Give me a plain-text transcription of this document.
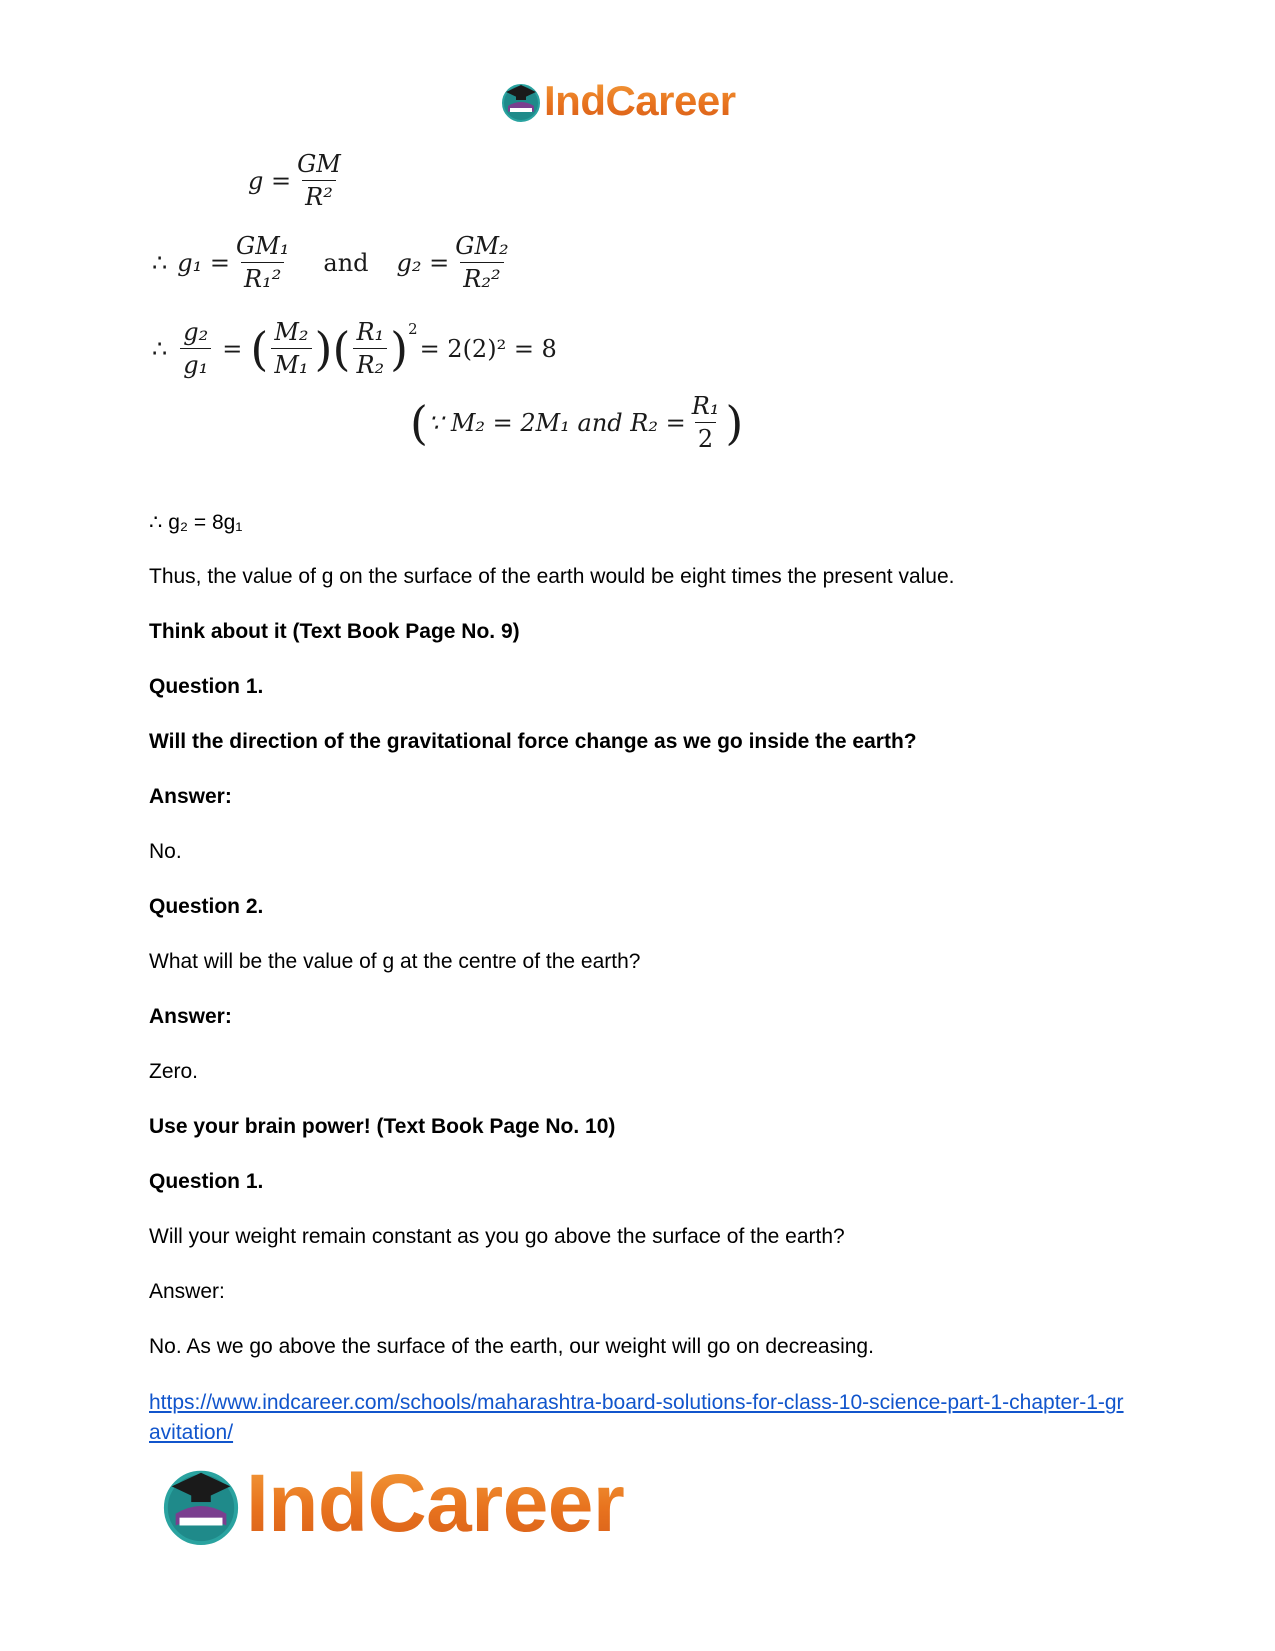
IndCareer
$g = \frac{GM}{\text{R²}}$
∴ $g_1 = \frac{\text{GM₁}}{\text{R₁²}}$ and $g_2 = \frac{\text{GM₂}}{\text{R₂²}}$
∴ $\frac{\text{g₂}}{\text{g₁}}$ = ( $\frac{\text{M₂}}{\text{M₁}}$ ) ( $\frac{\text{R₁}}{\text{R₂}} )^2$
= 2(2)² = 8
( ∵ M₂ = 2M₁ and $R_2 = \frac{\text{R₁}}{2}$ )
∴ g₂ = 8g₁
Thus, the value of g on the surface of the earth would be eight times the present value.
Think about it (Text Book Page No. 9)
Question 1.
Will the direction of the gravitational force change as we go inside the earth?
Answer:
No.
Question 2.
What will be the value of g at the centre of the earth?
Answer:
Zero.
Use your brain power! (Text Book Page No. 10)
Question 1.
Will your weight remain constant as you go above the surface of the earth?
Answer:
No. As we go above the surface of the earth, our weight will go on decreasing.
https://www.indcareer.com/schools/maharashtra-board-solutions-for-class-10-science-part-1-chapter-1-gravitation/
IndCareer
